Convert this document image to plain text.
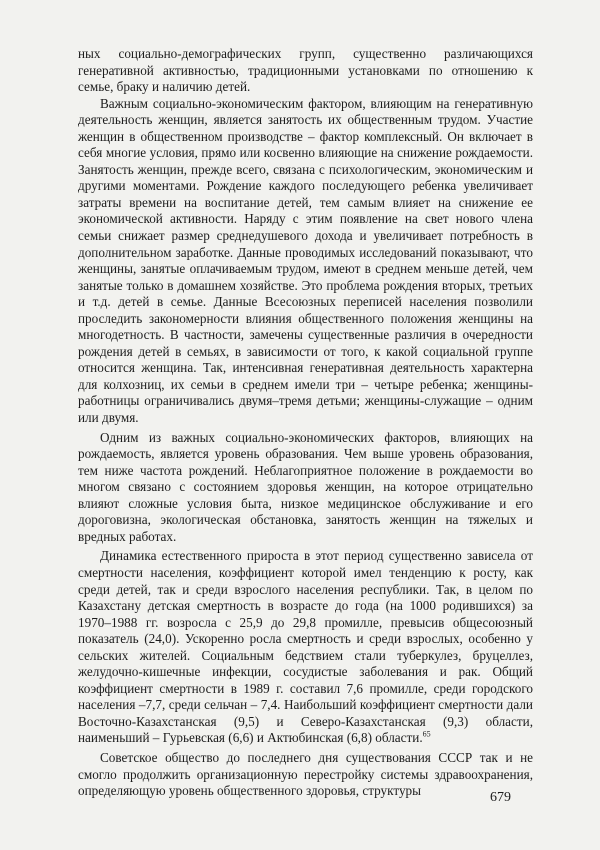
ных социально-демографических групп, существенно различающихся генеративной активностью, традиционными установками по отношению к семье, браку и наличию детей.

Важным социально-экономическим фактором, влияющим на генеративную деятельность женщин, является занятость их общественным трудом. Участие женщин в общественном производстве – фактор комплексный. Он включает в себя многие условия, прямо или косвенно влияющие на снижение рождаемости. Занятость женщин, прежде всего, связана с психологическим, экономическим и другими моментами. Рождение каждого последующего ребенка увеличивает затраты времени на воспитание детей, тем самым влияет на снижение ее экономической активности. Наряду с этим появление на свет нового члена семьи снижает размер среднедушевого дохода и увеличивает потребность в дополнительном заработке. Данные проводимых исследований показывают, что женщины, занятые оплачиваемым трудом, имеют в среднем меньше детей, чем занятые только в домашнем хозяйстве. Это проблема рождения вторых, третьих и т.д. детей в семье. Данные Всесоюзных переписей населения позволили проследить закономерности влияния общественного положения женщины на многодетность. В частности, замечены существенные различия в очередности рождения детей в семьях, в зависимости от того, к какой социальной группе относится женщина. Так, интенсивная генеративная деятельность характерна для колхозниц, их семьи в среднем имели три – четыре ребенка; женщины-работницы ограничивались двумя–тремя детьми; женщины-служащие – одним или двумя.

Одним из важных социально-экономических факторов, влияющих на рождаемость, является уровень образования. Чем выше уровень образования, тем ниже частота рождений. Неблагоприятное положение в рождаемости во многом связано с состоянием здоровья женщин, на которое отрицательно влияют сложные условия быта, низкое медицинское обслуживание и его дороговизна, экологическая обстановка, занятость женщин на тяжелых и вредных работах.

Динамика естественного прироста в этот период существенно зависела от смертности населения, коэффициент которой имел тенденцию к росту, как среди детей, так и среди взрослого населения республики. Так, в целом по Казахстану детская смертность в возрасте до года (на 1000 родившихся) за 1970–1988 гг. возросла с 25,9 до 29,8 промилле, превысив общесоюзный показатель (24,0). Ускоренно росла смертность и среди взрослых, особенно у сельских жителей. Социальным бедствием стали туберкулез, бруцеллез, желудочно-кишечные инфекции, сосудистые заболевания и рак. Общий коэффициент смертности в 1989 г. составил 7,6 промилле, среди городского населения –7,7, среди сельчан – 7,4. Наибольший коэффициент смертности дали Восточно-Казахстанская (9,5) и Северо-Казахстанская (9,3) области, наименьший – Гурьевская (6,6) и Актюбинская (6,8) области.$^{65}$

Советское общество до последнего дня существования СССР так и не смогло продолжить организационную перестройку системы здравоохранения, определяющую уровень общественного здоровья, структуры	679
